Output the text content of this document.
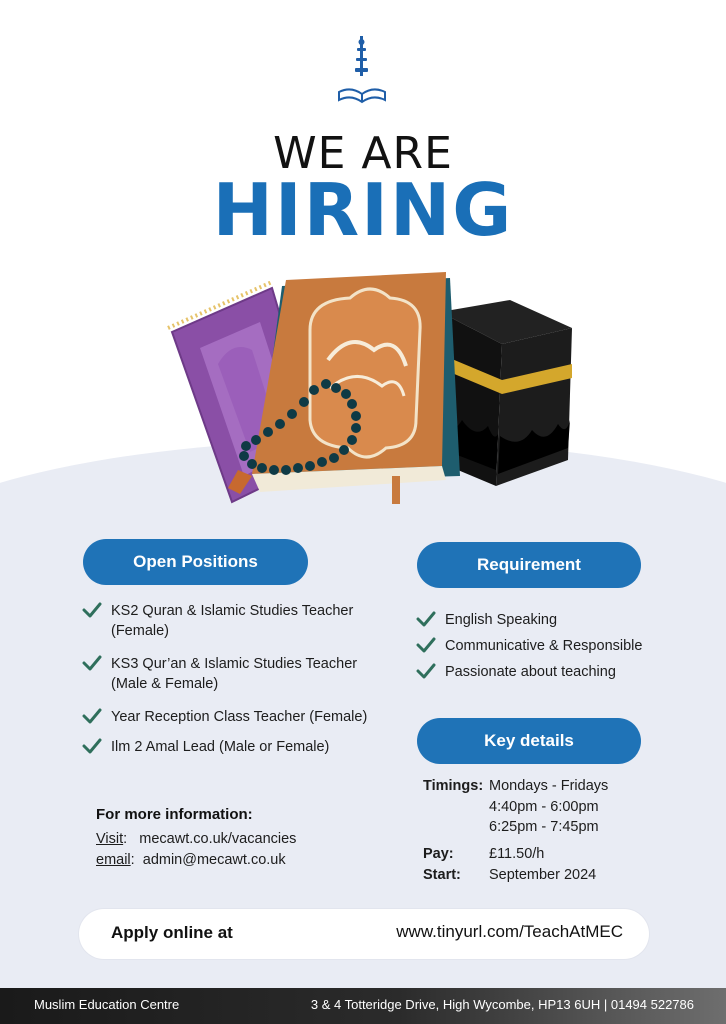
WE ARE
HIRING
Open Positions
KS2 Quran & Islamic Studies Teacher
(Female)
KS3 Qur’an & Islamic Studies Teacher
(Male & Female)
Year Reception Class Teacher (Female)
Ilm 2 Amal Lead (Male or Female)
Requirement
English Speaking
Communicative & Responsible
Passionate about teaching
Key details
Timings: Mondays - Fridays
4:40pm - 6:00pm
6:25pm - 7:45pm
Pay: £11.50/h
Start: September 2024
For more information:
Visit:   mecawt.co.uk/vacancies
email:  admin@mecawt.co.uk
Apply online at	www.tinyurl.com/TeachAtMEC
Muslim Education Centre	3 & 4 Totteridge Drive, High Wycombe, HP13 6UH | 01494 522786
